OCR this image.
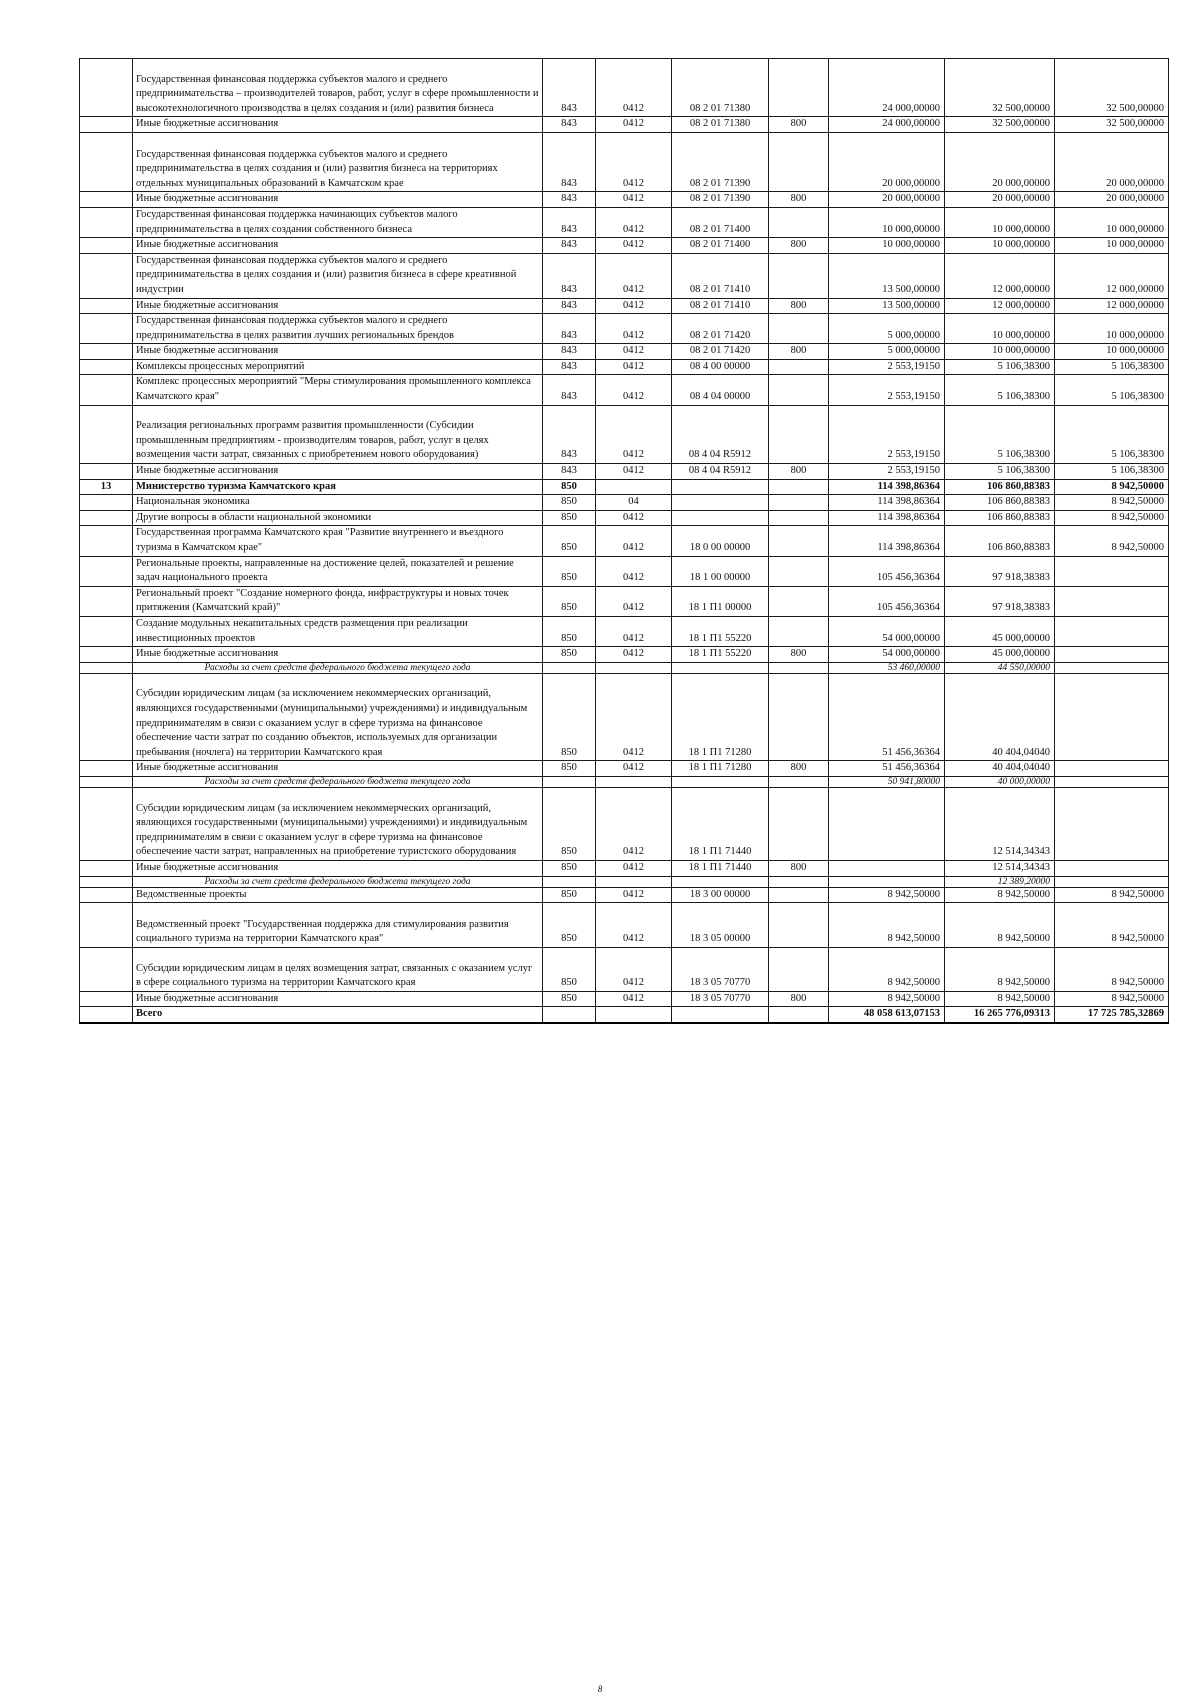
	Государственная финансовая поддержка субъектов малого и среднего предпринимательства – производителей товаров, работ, услуг в сфере промышленности и высокотехнологичного производства в целях создания и (или) развития бизнеса	843	0412	08 2 01 71380		24 000,00000	32 500,00000	32 500,00000
	Иные бюджетные ассигнования	843	0412	08 2 01 71380	800	24 000,00000	32 500,00000	32 500,00000

Государственная финансовая поддержка субъектов малого и среднего предпринимательства в целях создания и (или) развития бизнеса на территориях отдельных муниципальных образований в Камчатском крае	843	0412	08 2 01 71390		20 000,00000	20 000,00000	20 000,00000
	Иные бюджетные ассигнования	843	0412	08 2 01 71390	800	20 000,00000	20 000,00000	20 000,00000
	Государственная финансовая поддержка начинающих субъектов малого предпринимательства в целях создания собственного бизнеса	843	0412	08 2 01 71400		10 000,00000	10 000,00000	10 000,00000
	Иные бюджетные ассигнования	843	0412	08 2 01 71400	800	10 000,00000	10 000,00000	10 000,00000
	Государственная финансовая поддержка субъектов малого и среднего предпринимательства в целях создания и (или) развития бизнеса в сфере креативной индустрии	843	0412	08 2 01 71410		13 500,00000	12 000,00000	12 000,00000
	Иные бюджетные ассигнования	843	0412	08 2 01 71410	800	13 500,00000	12 000,00000	12 000,00000
	Государственная финансовая поддержка субъектов малого и среднего предпринимательства в целях развития лучших региональных брендов	843	0412	08 2 01 71420		5 000,00000	10 000,00000	10 000,00000
	Иные бюджетные ассигнования	843	0412	08 2 01 71420	800	5 000,00000	10 000,00000	10 000,00000
	Комплексы процессных мероприятий	843	0412	08 4 00 00000		2 553,19150	5 106,38300	5 106,38300
	Комплекс процессных мероприятий "Меры стимулирования промышленного комплекса Камчатского края"	843	0412	08 4 04 00000		2 553,19150	5 106,38300	5 106,38300
	Реализация региональных программ развития промышленности (Субсидии промышленным предприятиям - производителям товаров, работ, услуг в целях возмещения части затрат, связанных с приобретением нового оборудования)	843	0412	08 4 04 R5912		2 553,19150	5 106,38300	5 106,38300
	Иные бюджетные ассигнования	843	0412	08 4 04 R5912	800	2 553,19150	5 106,38300	5 106,38300
13	Министерство туризма Камчатского края	850				114 398,86364	106 860,88383	8 942,50000
	Национальная экономика	850	04			114 398,86364	106 860,88383	8 942,50000
	Другие вопросы в области национальной экономики	850	0412			114 398,86364	106 860,88383	8 942,50000
	Государственная программа Камчатского края "Развитие внутреннего и въездного туризма в Камчатском крае"	850	0412	18 0 00 00000		114 398,86364	106 860,88383	8 942,50000
	Региональные проекты, направленные на достижение целей, показателей и решение задач национального проекта	850	0412	18 1 00 00000		105 456,36364	97 918,38383	
	Региональный проект "Создание номерного фонда, инфраструктуры и новых точек притяжения (Камчатский край)"	850	0412	18 1 П1 00000		105 456,36364	97 918,38383	
	Создание модульных некапитальных средств размещения при реализации инвестиционных проектов	850	0412	18 1 П1 55220		54 000,00000	45 000,00000	
	Иные бюджетные ассигнования	850	0412	18 1 П1 55220	800	54 000,00000	45 000,00000	
	Расходы за счет средств федерального бюджета текущего года					53 460,00000	44 550,00000	
	Субсидии юридическим лицам (за исключением некоммерческих организаций, являющихся государственными (муниципальными) учреждениями) и индивидуальным предпринимателям в связи с оказанием услуг в сфере туризма на финансовое обеспечение части затрат по созданию объектов, используемых для организации пребывания (ночлега) на территории Камчатского края	850	0412	18 1 П1 71280		51 456,36364	40 404,04040	
	Иные бюджетные ассигнования	850	0412	18 1 П1 71280	800	51 456,36364	40 404,04040	
	Расходы за счет средств федерального бюджета текущего года					50 941,80000	40 000,00000	
	Субсидии юридическим лицам (за исключением некоммерческих организаций, являющихся государственными (муниципальными) учреждениями) и индивидуальным предпринимателям в связи с оказанием услуг в сфере туризма на финансовое обеспечение части затрат, направленных на приобретение туристского оборудования	850	0412	18 1 П1 71440			12 514,34343	
	Иные бюджетные ассигнования	850	0412	18 1 П1 71440	800		12 514,34343	
	Расходы за счет средств федерального бюджета текущего года						12 389,20000	
	Ведомственные проекты	850	0412	18 3 00 00000		8 942,50000	8 942,50000	8 942,50000

Ведомственный проект "Государственная поддержка для стимулирования развития социального туризма на территории Камчатского края"	850	0412	18 3 05 00000		8 942,50000	8 942,50000	8 942,50000
	Субсидии юридическим лицам в целях возмещения затрат, связанных с оказанием услуг в сфере социального туризма на территории Камчатского края	850	0412	18 3 05 70770		8 942,50000	8 942,50000	8 942,50000
	Иные бюджетные ассигнования	850	0412	18 3 05 70770	800	8 942,50000	8 942,50000	8 942,50000
	Всего					48 058 613,07153	16 265 776,09313	17 725 785,32869
8
